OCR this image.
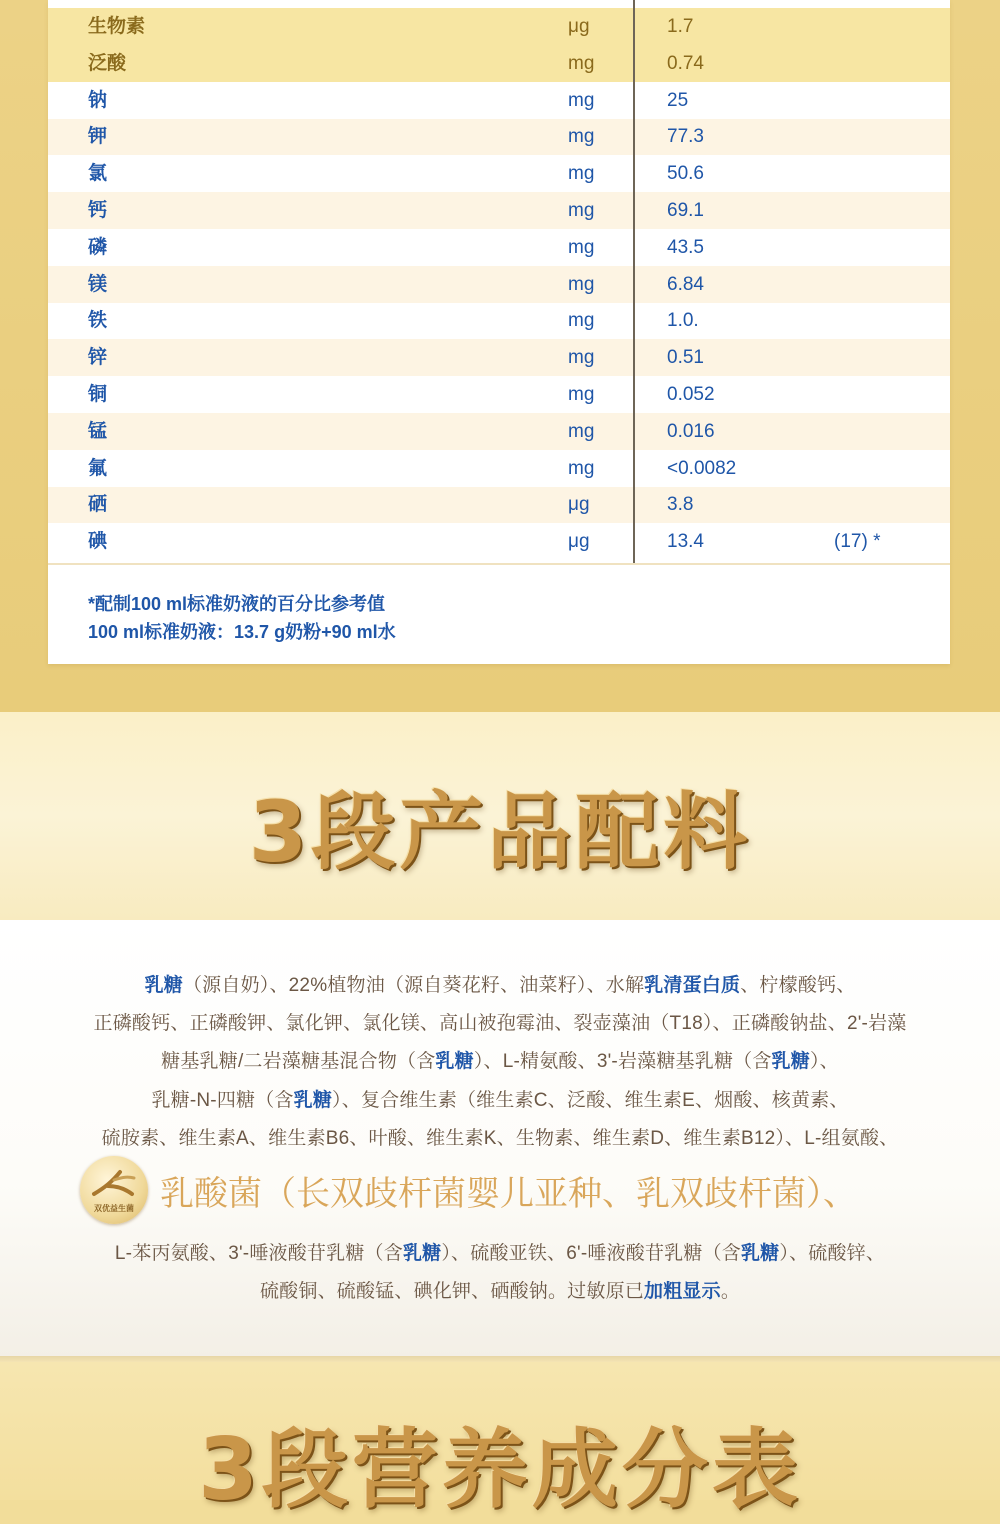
碘	μg	13.4	(17) *
硒	μg	3.8
氟	mg	<0.0082
锰	mg	0.016
铜	mg	0.052
锌	mg	0.51
铁	mg	1.0.
镁	mg	6.84
磷	mg	43.5
钙	mg	69.1
氯	mg	50.6
钾	mg	77.3
钠	mg	25
泛酸	mg	0.74
生物素	μg	1.7
*配制100 ml标准奶液的百分比参考值
100 ml标准奶液：13.7 g奶粉+90 ml水
3段产品配料
乳糖（源自奶）、22%植物油（源自葵花籽、油菜籽）、水解乳清蛋白质、柠檬酸钙、
正磷酸钙、正磷酸钾、氯化钾、氯化镁、高山被孢霉油、裂壶藻油（T18）、正磷酸钠盐、2'-岩藻
糖基乳糖/二岩藻糖基混合物（含乳糖）、L-精氨酸、3'-岩藻糖基乳糖（含乳糖）、
乳糖-N-四糖（含乳糖）、复合维生素（维生素C、泛酸、维生素E、烟酸、核黄素、
硫胺素、维生素A、维生素B6、叶酸、维生素K、生物素、维生素D、维生素B12）、L-组氨酸、
双优益生菌 乳酸菌（长双歧杆菌婴儿亚种、乳双歧杆菌）、
L-苯丙氨酸、3'-唾液酸苷乳糖（含乳糖）、硫酸亚铁、6'-唾液酸苷乳糖（含乳糖）、硫酸锌、
硫酸铜、硫酸锰、碘化钾、硒酸钠。过敏原已加粗显示。
3段营养成分表
